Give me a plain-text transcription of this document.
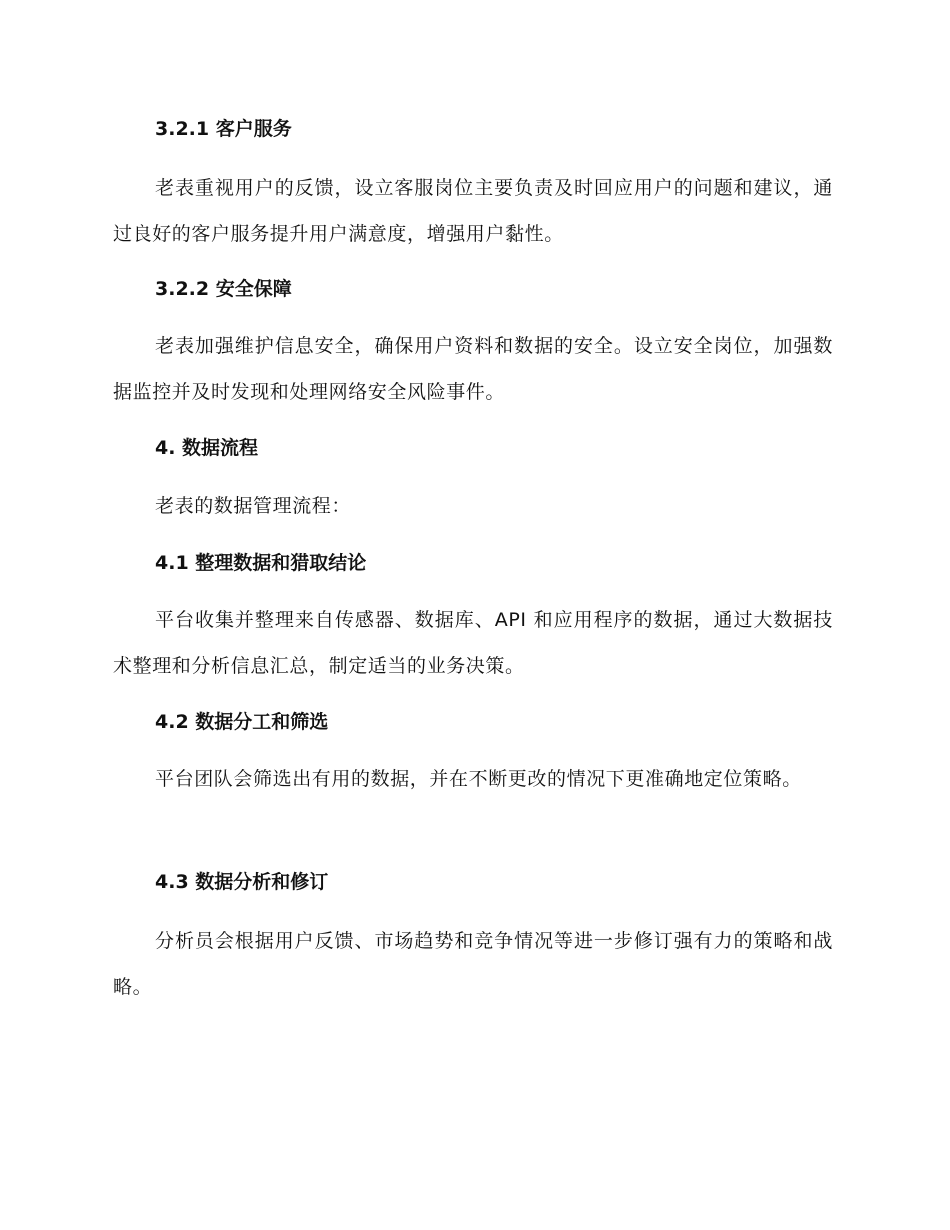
3.2.1 客户服务

老表重视用户的反馈，设立客服岗位主要负责及时回应用户的问题和建议，通过良好的客户服务提升用户满意度，增强用户黏性。

3.2.2 安全保障

老表加强维护信息安全，确保用户资料和数据的安全。设立安全岗位，加强数据监控并及时发现和处理网络安全风险事件。

4. 数据流程

老表的数据管理流程：

4.1 整理数据和猎取结论

平台收集并整理来自传感器、数据库、API 和应用程序的数据，通过大数据技术整理和分析信息汇总，制定适当的业务决策。

4.2 数据分工和筛选

平台团队会筛选出有用的数据，并在不断更改的情况下更准确地定位策略。

4.3 数据分析和修订

分析员会根据用户反馈、市场趋势和竞争情况等进一步修订强有力的策略和战略。
